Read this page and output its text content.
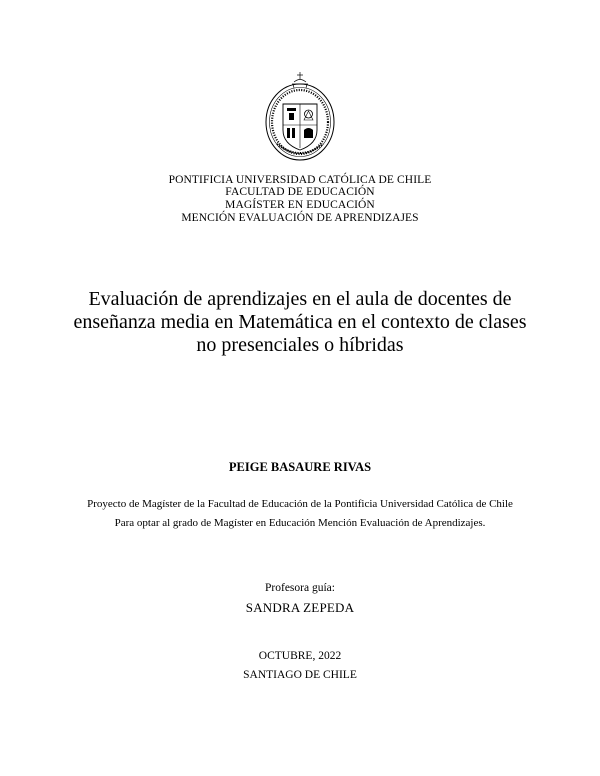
PONTIFICIA UNIVERSIDAD CATÓLICA DE CHILE
FACULTAD DE EDUCACIÓN
MAGÍSTER EN EDUCACIÓN
MENCIÓN EVALUACIÓN DE APRENDIZAJES
Evaluación de aprendizajes en el aula de docentes de
enseñanza media en Matemática en el contexto de clases
no presenciales o híbridas
PEIGE BASAURE RIVAS
Proyecto de Magíster de la Facultad de Educación de la Pontificia Universidad Católica de Chile
Para optar al grado de Magíster en Educación Mención Evaluación de Aprendizajes.
Profesora guía:
SANDRA ZEPEDA
OCTUBRE, 2022
SANTIAGO DE CHILE
